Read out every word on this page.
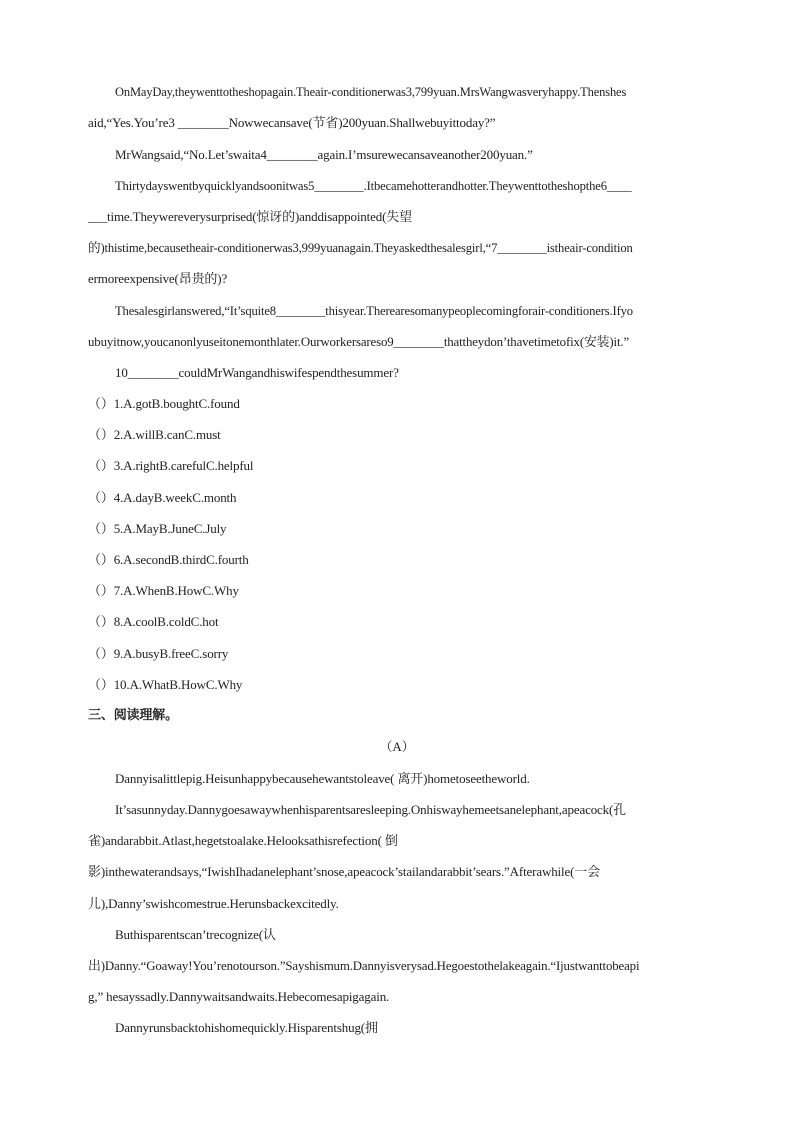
OnMayDay,theywenttotheshopagain.Theair-conditionerwas3,799yuan.MrsWangwasveryhappy.Thenshes
aid,“Yes.You’re3 ________Nowwecansave(节省)200yuan.Shallwebuyittoday?”
MrWangsaid,“No.Let’swaita4________again.I’msurewecansaveanother200yuan.”
Thirtydayswentbyquicklyandsoonitwas5________.Itbecamehotterandhotter.Theywenttotheshopthe6____
___time.Theywereverysurprised(惊讶的)anddisappointed(失望
的)thistime,becausetheair-conditionerwas3,999yuanagain.Theyaskedthesalesgirl,“7________istheair-condition
ermoreexpensive(昂贵的)?
Thesalesgirlanswered,“It’squite8________thisyear.Therearesomanypeoplecomingforair-conditioners.Ifyo
ubuyitnow,youcanonlyuseitonemonthlater.Ourworkersareso9________thattheydon’thavetimetofix(安装)it.”
10________couldMrWangandhiswifespendthesummer?
（）1.A.gotB.boughtC.found
（）2.A.willB.canC.must
（）3.A.rightB.carefulC.helpful
（）4.A.dayB.weekC.month
（）5.A.MayB.JuneC.July
（）6.A.secondB.thirdC.fourth
（）7.A.WhenB.HowC.Why
（）8.A.coolB.coldC.hot
（）9.A.busyB.freeC.sorry
（）10.A.WhatB.HowC.Why
三、阅读理解。
（A）
Dannyisalittlepig.Heisunhappybecausehewantstoleave( 离开)hometoseetheworld.
It’sasunnyday.Dannygoesawaywhenhisparentsaresleeping.Onhiswayhemeetsanelephant,apeacock(孔
雀)andarabbit.Atlast,hegetstoalake.Helooksathisrefection( 倒
影)inthewaterandsays,“IwishIhadanelephant’snose,apeacock’stailandarabbit’sears.”Afterawhile(一会
儿),Danny’swishcomestrue.Herunsbackexcitedly.
Buthisparentscan’trecognize(认
出)Danny.“Goaway!You’renotourson.”Sayshismum.Dannyisverysad.Hegoestothelakeagain.“Ijustwanttobeapi
g,” hesayssadly.Dannywaitsandwaits.Hebecomesapigagain.
Dannyrunsbacktohishomequickly.Hisparentshug(拥
